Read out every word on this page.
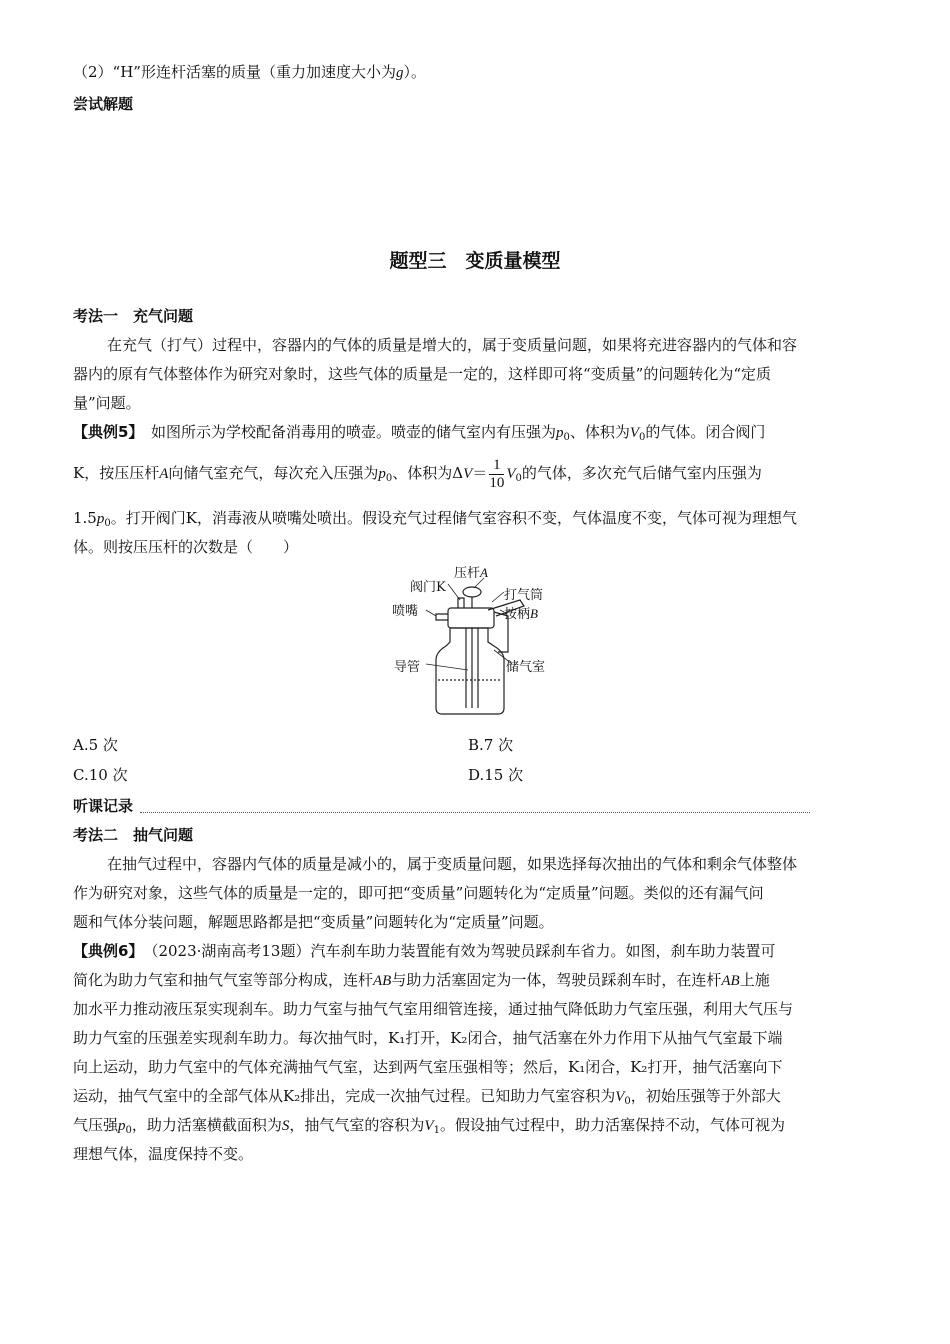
（2）“H”形连杆活塞的质量（重力加速度大小为g）。
尝试解题
题型三　变质量模型
考法一　充气问题
在充气（打气）过程中，容器内的气体的质量是增大的，属于变质量问题，如果将充进容器内的气体和容
器内的原有气体整体作为研究对象时，这些气体的质量是一定的，这样即可将“变质量”的问题转化为“定质
量”问题。
【典例5】　如图所示为学校配备消毒用的喷壶。喷壶的储气室内有压强为$p_0$、体积为$V_0$的气体。闭合阀门
K，按压压杆A向储气室充气，每次充入压强为$p_0$、体积为$\Delta V= \frac{1}{10} V_0$的气体，多次充气后储气室内压强为
$1.5p_0$。打开阀门K，消毒液从喷嘴处喷出。假设充气过程储气室容积不变，气体温度不变，气体可视为理想气
体。则按压压杆的次数是（　　）
阀门K
压杆A
打气筒
喷嘴	按柄B
导管	储气室
A.5 次	B.7 次
C.10 次	D.15 次
听课记录
考法二　抽气问题
在抽气过程中，容器内气体的质量是减小的，属于变质量问题，如果选择每次抽出的气体和剩余气体整体
作为研究对象，这些气体的质量是一定的，即可把“变质量”问题转化为“定质量”问题。类似的还有漏气问
题和气体分装问题，解题思路都是把“变质量”问题转化为“定质量”问题。
【典例6】　（2023·湖南高考13题）汽车刹车助力装置能有效为驾驶员踩刹车省力。如图，刹车助力装置可
简化为助力气室和抽气气室等部分构成，连杆AB与助力活塞固定为一体，驾驶员踩刹车时，在连杆AB上施
加水平力推动液压泵实现刹车。助力气室与抽气气室用细管连接，通过抽气降低助力气室压强，利用大气压与
助力气室的压强差实现刹车助力。每次抽气时，K₁打开，K₂闭合，抽气活塞在外力作用下从抽气气室最下端
向上运动，助力气室中的气体充满抽气气室，达到两气室压强相等；然后，K₁闭合，K₂打开，抽气活塞向下
运动，抽气气室中的全部气体从K₂排出，完成一次抽气过程。已知助力气室容积为$V_0$，初始压强等于外部大
气压强$p_0$，助力活塞横截面积为S，抽气气室的容积为$V_1$。假设抽气过程中，助力活塞保持不动，气体可视为
理想气体，温度保持不变。
